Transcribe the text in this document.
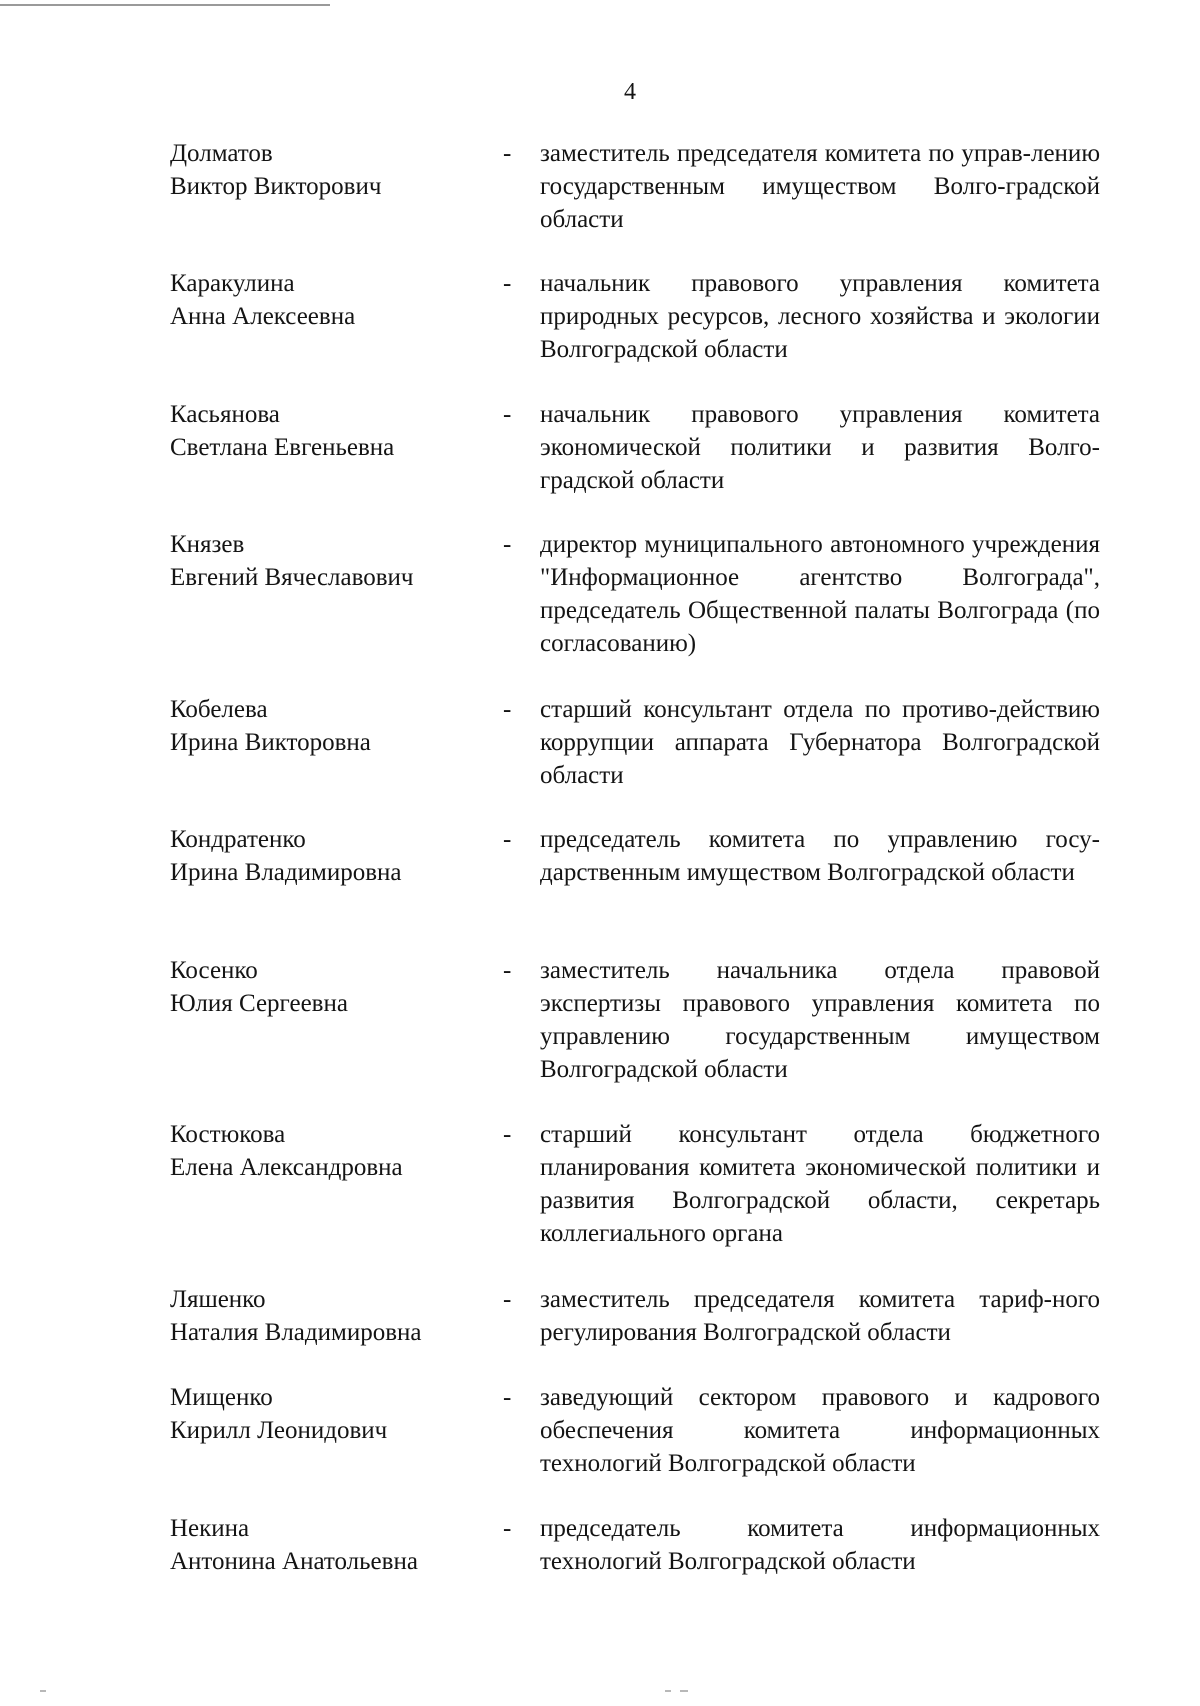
4
Долматов
Виктор Викторович
- заместитель председателя комитета по управ-лению государственным имуществом Волго-градской области
Каракулина
Анна Алексеевна
- начальник правового управления комитета природных ресурсов, лесного хозяйства и экологии Волгоградской области
Касьянова
Светлана Евгеньевна
- начальник правового управления комитета экономической политики и развития Волго-градской области
Князев
Евгений Вячеславович
- директор муниципального автономного учреждения "Информационное агентство Волгограда", председатель Общественной палаты Волгограда (по согласованию)
Кобелева
Ирина Викторовна
- старший консультант отдела по противо-действию коррупции аппарата Губернатора Волгоградской области
Кондратенко
Ирина Владимировна
- председатель комитета по управлению госу-дарственным имуществом Волгоградской области
Косенко
Юлия Сергеевна
- заместитель начальника отдела правовой экспертизы правового управления комитета по управлению государственным имуществом Волгоградской области
Костюкова
Елена Александровна
- старший консультант отдела бюджетного планирования комитета экономической политики и развития Волгоградской области, секретарь коллегиального органа
Ляшенко
Наталия Владимировна
- заместитель председателя комитета тариф-ного регулирования Волгоградской области
Мищенко
Кирилл Леонидович
- заведующий сектором правового и кадрового обеспечения комитета информационных технологий Волгоградской области
Некина
Антонина Анатольевна
- председатель комитета информационных технологий Волгоградской области
